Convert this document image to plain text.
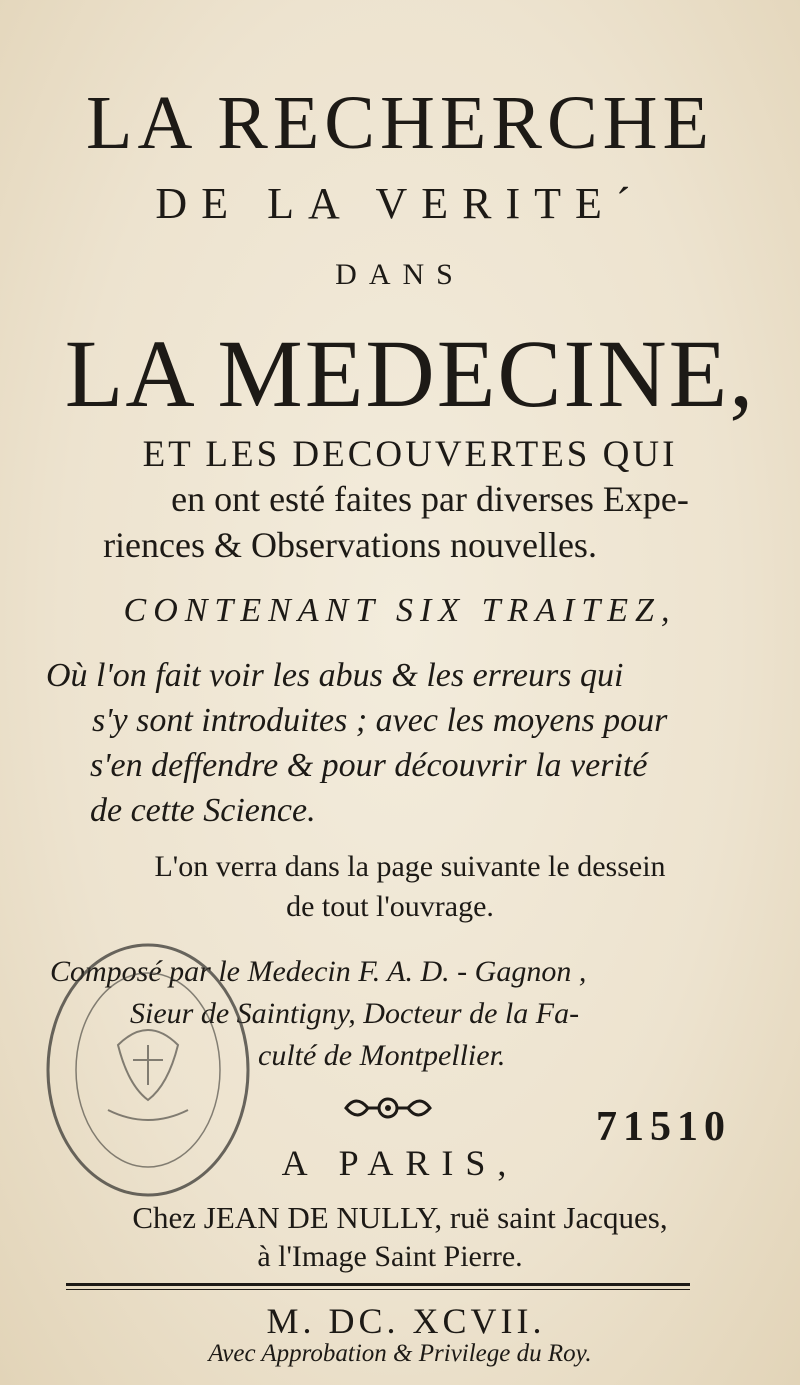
LA RECHERCHE
DE LA VERITE´
DANS
LA MEDECINE,
ET LES DECOUVERTES QUI
en ont esté faites par diverses Expe-
riences & Observations nouvelles.
CONTENANT SIX TRAITEZ,
Où l'on fait voir les abus & les erreurs qui
s'y sont introduites ; avec les moyens pour
s'en deffendre & pour découvrir la verité
de cette Science.
L'on verra dans la page suivante le dessein
de tout l'ouvrage.
Composé par le Medecin F. A. D. - Gagnon ,
Sieur de Saintigny, Docteur de la Fa-
culté de Montpellier.
71510
A PARIS,
Chez JEAN DE NULLY, ruë saint Jacques,
à l'Image Saint Pierre.
M. DC. XCVII.
Avec Approbation & Privilege du Roy.
